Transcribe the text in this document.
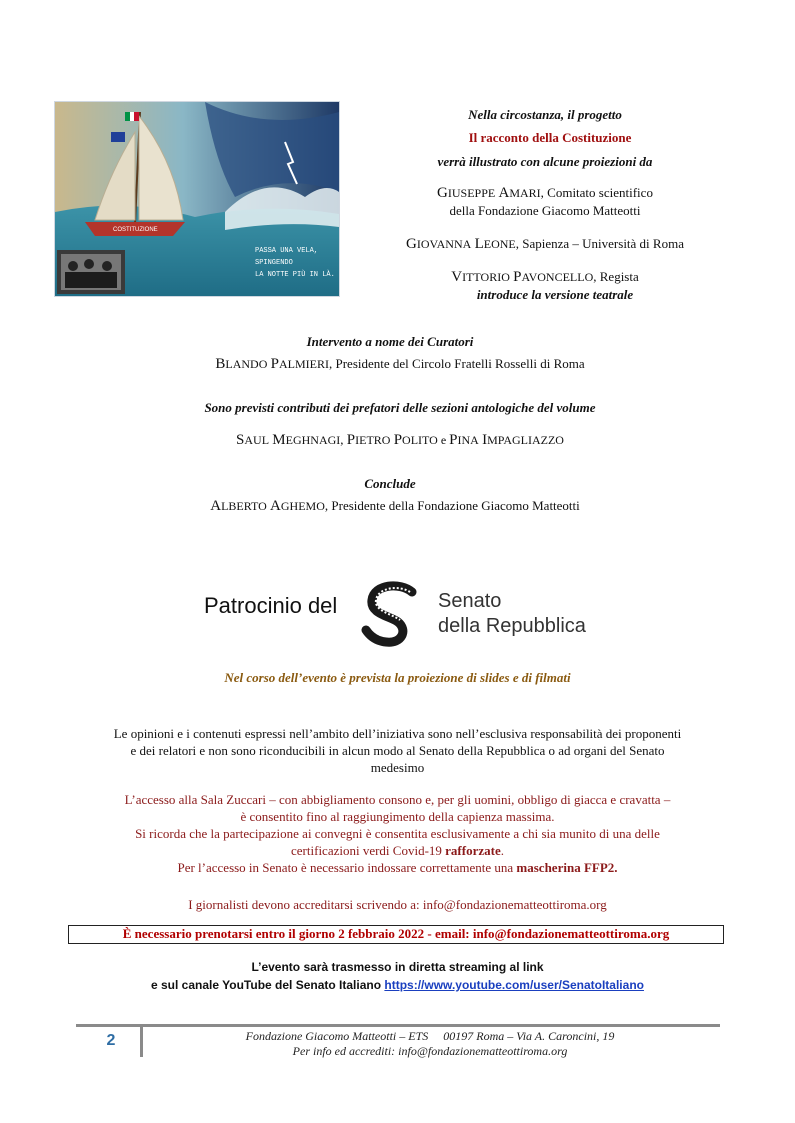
COSTITUZIONE
PASSA UNA VELA,
SPINGENDO
LA NOTTE PIÙ IN LÀ.
Nella circostanza, il progetto
Il racconto della Costituzione
verrà illustrato con alcune proiezioni da
GIUSEPPE AMARI, Comitato scientifico
della Fondazione Giacomo Matteotti
GIOVANNA LEONE, Sapienza – Università di Roma
VITTORIO PAVONCELLO, Regista
introduce la versione teatrale
Intervento a nome dei Curatori
BLANDO PALMIERI, Presidente del Circolo Fratelli Rosselli di Roma
Sono previsti contributi dei prefatori delle sezioni antologiche del volume
SAUL MEGHNAGI, PIETRO POLITO e PINA IMPAGLIAZZO
Conclude
ALBERTO AGHEMO, Presidente della Fondazione Giacomo Matteotti
Patrocinio del	Senato
della Repubblica
Nel corso dell’evento è prevista la proiezione di slides e di filmati
Le opinioni e i contenuti espressi nell’ambito dell’iniziativa sono nell’esclusiva responsabilità dei proponenti
e dei relatori e non sono riconducibili in alcun modo al Senato della Repubblica o ad organi del Senato
medesimo
L’accesso alla Sala Zuccari – con abbigliamento consono e, per gli uomini, obbligo di giacca e cravatta –
è consentito fino al raggiungimento della capienza massima.
Si ricorda che la partecipazione ai convegni è consentita esclusivamente a chi sia munito di una delle
certificazioni verdi Covid-19 rafforzate.
Per l’accesso in Senato è necessario indossare correttamente una mascherina FFP2.
I giornalisti devono accreditarsi scrivendo a: info@fondazionematteottiroma.org
È necessario prenotarsi entro il giorno 2 febbraio 2022 - email: info@fondazionematteottiroma.org
L’evento sarà trasmesso in diretta streaming al link
e sul canale YouTube del Senato Italiano https://www.youtube.com/user/SenatoItaliano
2	Fondazione Giacomo Matteotti – ETS     00197 Roma – Via A. Caroncini, 19
Per info ed accrediti: info@fondazionematteottiroma.org
